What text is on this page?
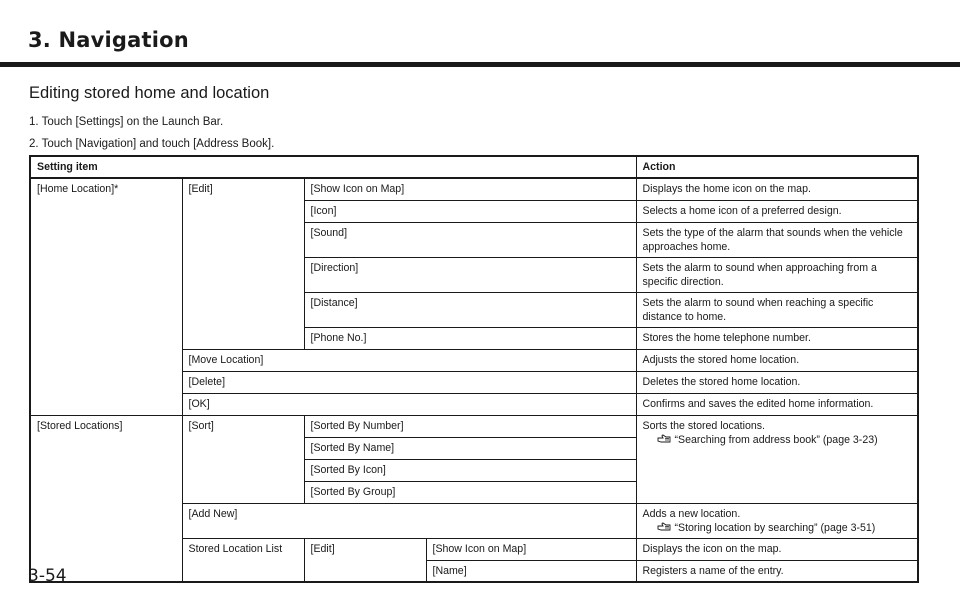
3. Navigation
Editing stored home and location
1. Touch [Settings] on the Launch Bar.
2. Touch [Navigation] and touch [Address Book].
Setting item				Action
[Home Location]*	[Edit]	[Show Icon on Map]		Displays the home icon on the map.
		[Icon]		Selects a home icon of a preferred design.
		[Sound]		Sets the type of the alarm that sounds when the vehicle approaches home.
		[Direction]		Sets the alarm to sound when approaching from a specific direction.
		[Distance]		Sets the alarm to sound when reaching a specific distance to home.
		[Phone No.]		Stores the home telephone number.
	[Move Location]			Adjusts the stored home location.
	[Delete]			Deletes the stored home location.
	[OK]			Confirms and saves the edited home information.
[Stored Locations]	[Sort]	[Sorted By Number]		Sorts the stored locations.
“Searching from address book” (page 3-23)

		[Sorted By Name]		
		[Sorted By Icon]		
		[Sorted By Group]		
	[Add New]			Adds a new location.
“Storing location by searching” (page 3-51)

	Stored Location List	[Edit]	[Show Icon on Map]	Displays the icon on the map.
			[Name]	Registers a name of the entry.
3-54
